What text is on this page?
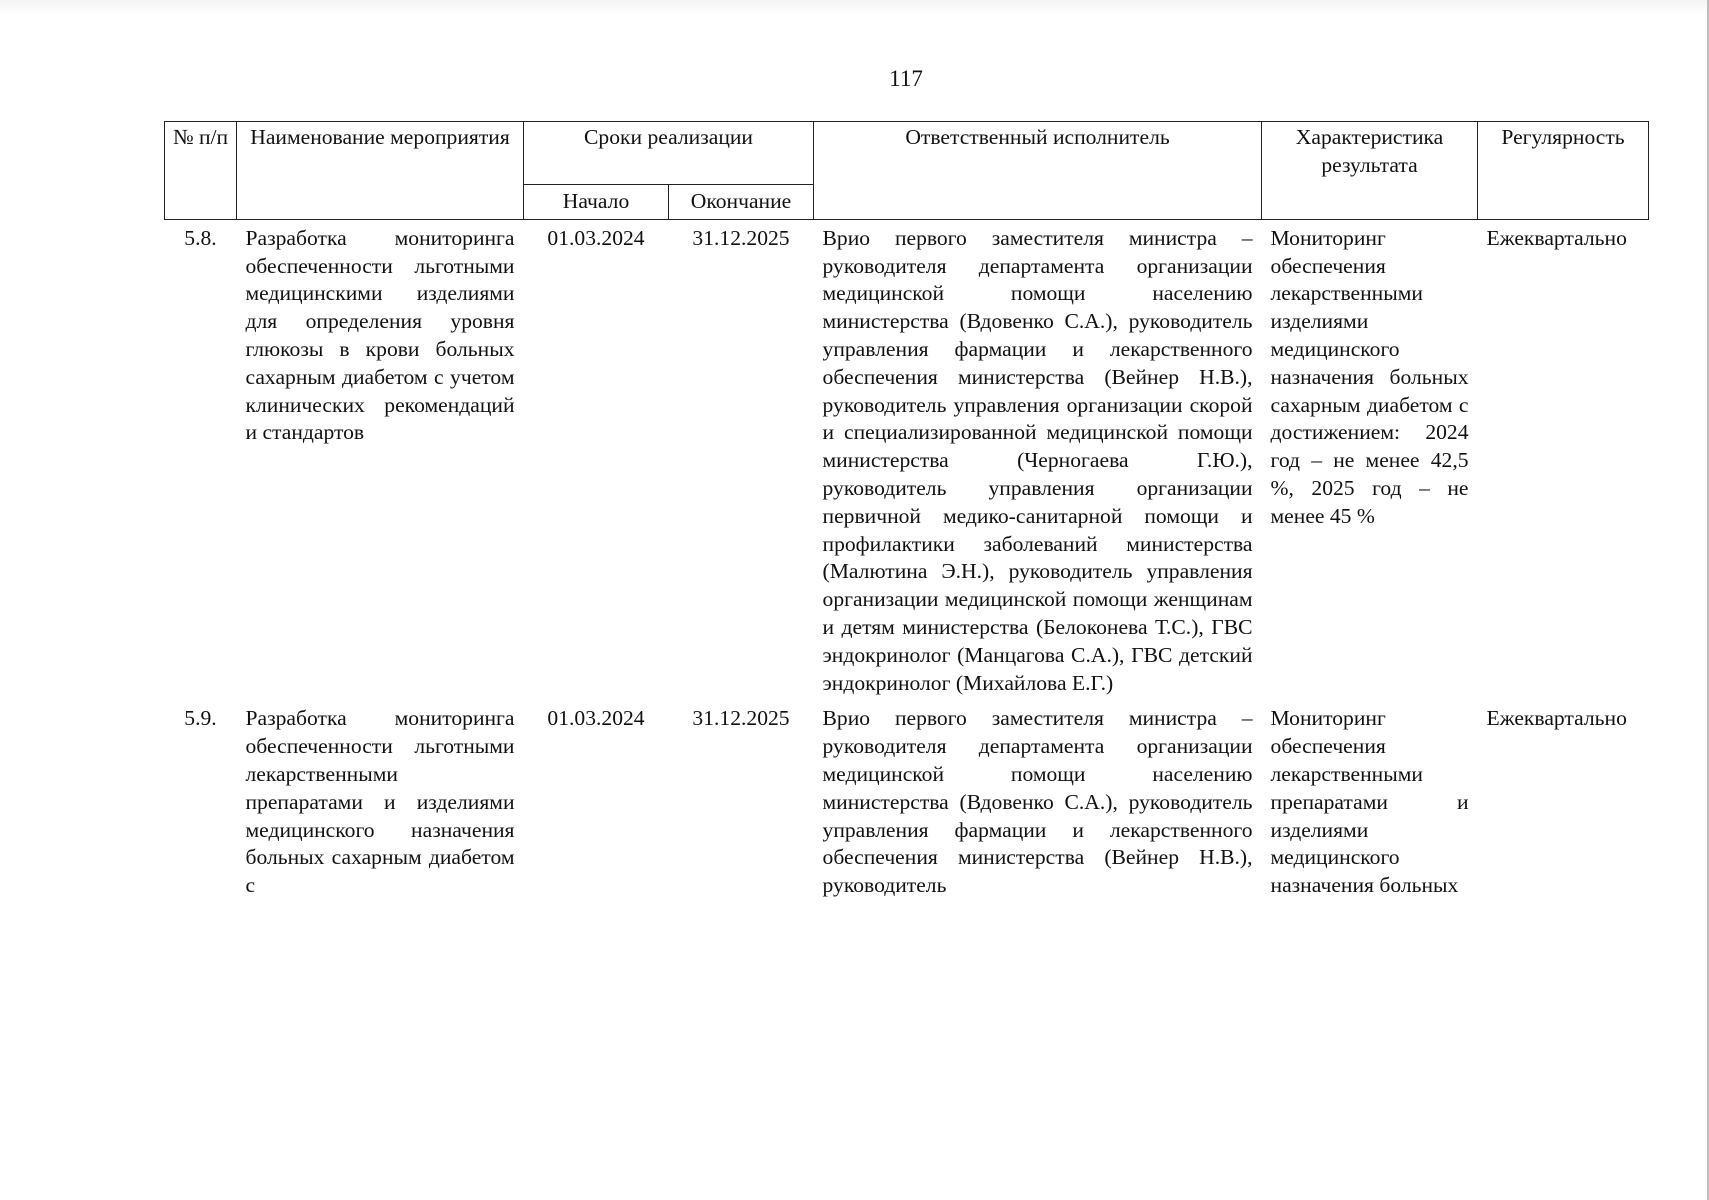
117
№ п/п	Наименование мероприятия	Сроки реализации		Ответственный исполнитель	Характеристика результата	Регулярность
		Начало	Окончание			
5.8.	Разработка мониторинга обеспеченности льготными медицинскими изделиями для определения уровня глюкозы в крови больных сахарным диабетом с учетом клинических рекомендаций и стандартов	01.03.2024	31.12.2025	Врио первого заместителя министра – руководителя департамента организации медицинской помощи населению министерства (Вдовенко С.А.), руководитель управления фармации и лекарственного обеспечения министерства (Вейнер Н.В.), руководитель управления организации скорой и специализированной медицинской помощи министерства (Черногаева Г.Ю.), руководитель управления организации первичной медико-санитарной помощи и профилактики заболеваний министерства (Малютина Э.Н.), руководитель управления организации медицинской помощи женщинам и детям министерства (Белоконева Т.С.), ГВС эндокринолог (Манцагова С.А.), ГВС детский эндокринолог (Михайлова Е.Г.)	Мониторинг обеспечения лекарственными изделиями медицинского назначения больных сахарным диабетом с достижением: 2024 год – не менее 42,5 %, 2025 год – не менее 45 %	Ежеквартально
5.9.	Разработка мониторинга обеспеченности льготными лекарственными препаратами и изделиями медицинского назначения больных сахарным диабетом с	01.03.2024	31.12.2025	Врио первого заместителя министра – руководителя департамента организации медицинской помощи населению министерства (Вдовенко С.А.), руководитель управления фармации и лекарственного обеспечения министерства (Вейнер Н.В.), руководитель	Мониторинг обеспечения лекарственными препаратами и изделиями медицинского назначения больных	Ежеквартально
